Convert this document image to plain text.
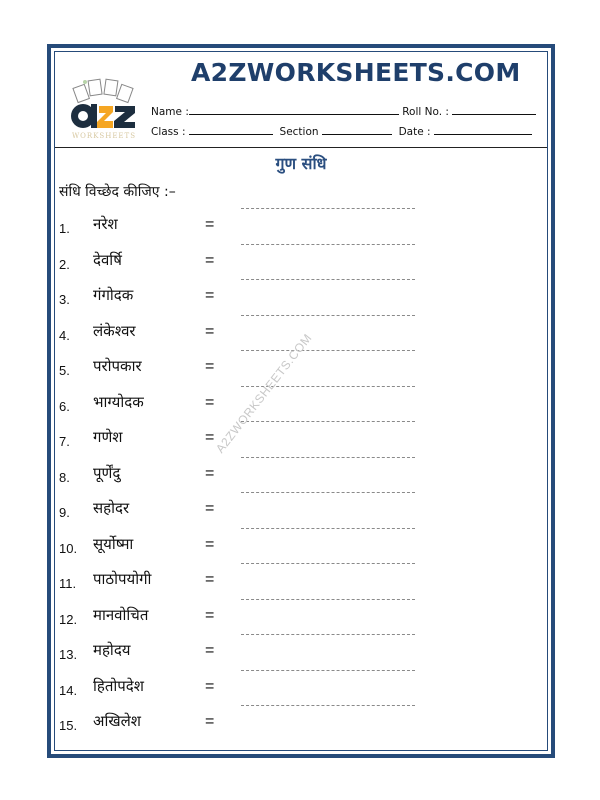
WORKSHEETS
A2ZWORKSHEETS.COM
Name :	Roll No. :
Class :	Section	Date :
गुण संधि
संधि विच्छेद कीजिए :–
1. नरेश	=
2. देवर्षि	=
3. गंगोदक	=
4. लंकेश्वर	=
5. परोपकार	=
6. भाग्योदक	=
7. गणेश	=
8. पूर्णेंदु	=
9. सहोदर	=
10. सूर्योष्मा	=
11. पाठोपयोगी	=
12. मानवोचित	=
13. महोदय	=
14. हितोपदेश	=
15. अखिलेश	=
A2ZWORKSHEETS.COM
